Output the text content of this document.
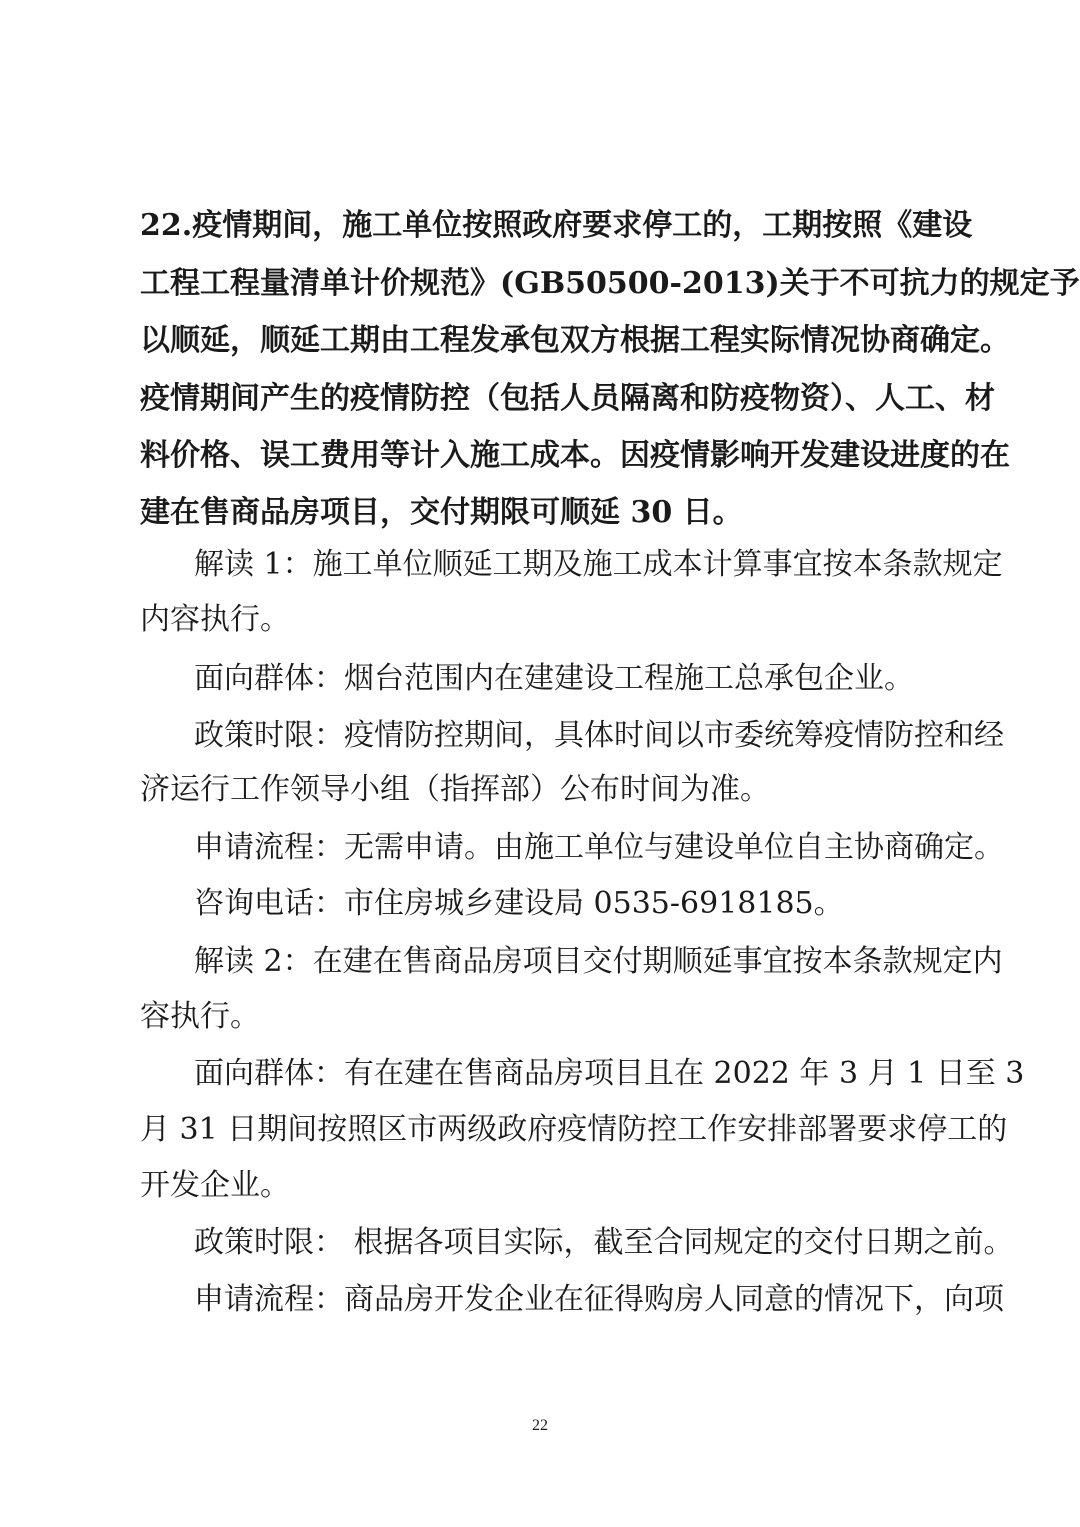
22.疫情期间，施工单位按照政府要求停工的，工期按照《建设
工程工程量清单计价规范》(GB50500-2013)关于不可抗力的规定予
以顺延，顺延工期由工程发承包双方根据工程实际情况协商确定。
疫情期间产生的疫情防控（包括人员隔离和防疫物资）、人工、材
料价格、误工费用等计入施工成本。因疫情影响开发建设进度的在
建在售商品房项目，交付期限可顺延 30 日。
解读 1：施工单位顺延工期及施工成本计算事宜按本条款规定
内容执行。
面向群体：烟台范围内在建建设工程施工总承包企业。
政策时限：疫情防控期间，具体时间以市委统筹疫情防控和经
济运行工作领导小组（指挥部）公布时间为准。
申请流程：无需申请。由施工单位与建设单位自主协商确定。
咨询电话：市住房城乡建设局 0535-6918185。
解读 2：在建在售商品房项目交付期顺延事宜按本条款规定内
容执行。
面向群体：有在建在售商品房项目且在 2022 年 3 月 1 日至 3
月 31 日期间按照区市两级政府疫情防控工作安排部署要求停工的
开发企业。
政策时限： 根据各项目实际，截至合同规定的交付日期之前。
申请流程：商品房开发企业在征得购房人同意的情况下，向项
22
